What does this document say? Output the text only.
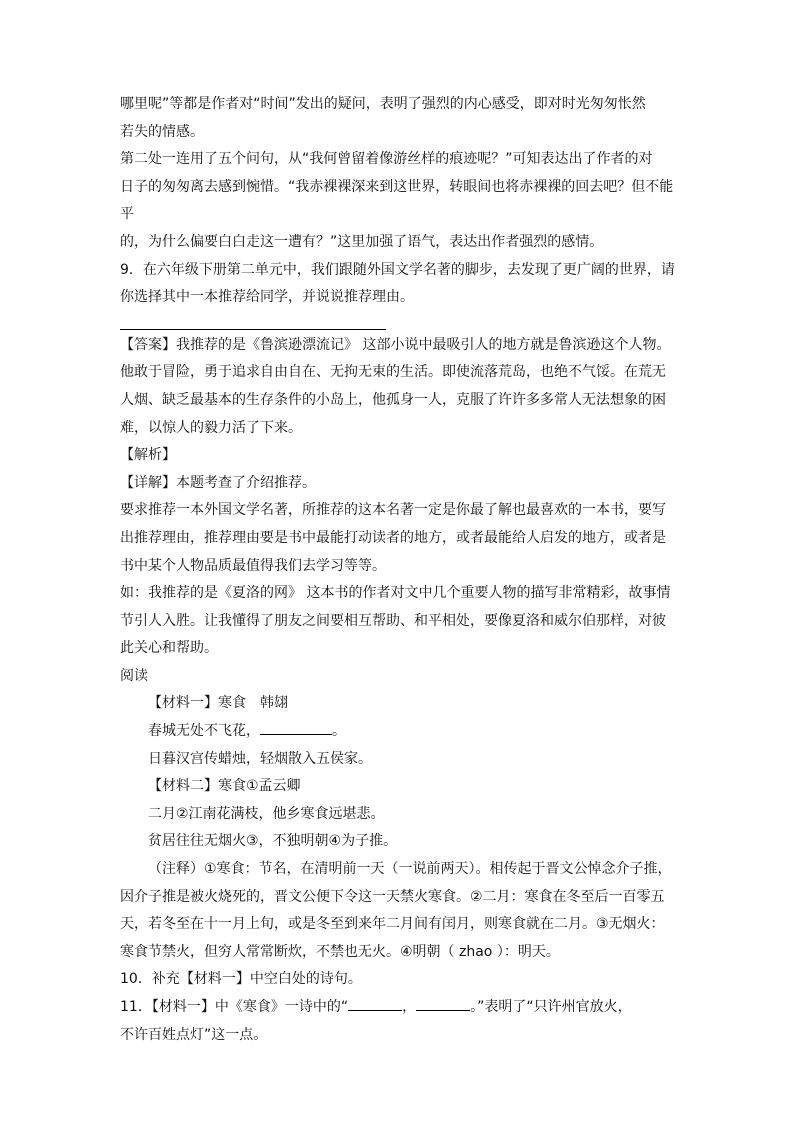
哪里呢”等都是作者对“时间”发出的疑问，表明了强烈的内心感受，即对时光匆匆怅然

若失的情感。

第二处一连用了五个问句，从“我何曾留着像游丝样的痕迹呢？”可知表达出了作者的对

日子的匆匆离去感到惋惜。“我赤裸裸深来到这世界，转眼间也将赤裸裸的回去吧？但不能平

的，为什么偏要白白走这一遭有？”这里加强了语气，表达出作者强烈的感情。

9．在六年级下册第二单元中，我们跟随外国文学名著的脚步，去发现了更广阔的世界，请

你选择其中一本推荐给同学，并说说推荐理由。

【答案】我推荐的是《鲁滨逊漂流记》 这部小说中最吸引人的地方就是鲁滨逊这个人物。

他敢于冒险，勇于追求自由自在、无拘无束的生活。即使流落荒岛，也绝不气馁。在荒无

人烟、缺乏最基本的生存条件的小岛上，他孤身一人，克服了许许多多常人无法想象的困

难，以惊人的毅力活了下来。

【解析】

【详解】本题考查了介绍推荐。

要求推荐一本外国文学名著，所推荐的这本名著一定是你最了解也最喜欢的一本书，要写

出推荐理由，推荐理由要是书中最能打动读者的地方，或者最能给人启发的地方，或者是

书中某个人物品质最值得我们去学习等等。

如：我推荐的是《夏洛的网》 这本书的作者对文中几个重要人物的描写非常精彩，故事情

节引人入胜。让我懂得了朋友之间要相互帮助、和平相处，要像夏洛和威尔伯那样，对彼

此关心和帮助。

阅读

【材料一】寒食　韩翃

春城无处不飞花，	。

日暮汉宫传蜡烛，轻烟散入五侯家。

【材料二】寒食①孟云卿

二月②江南花满枝，他乡寒食远堪悲。

贫居往往无烟火③，不独明朝④为子推。

（注释）①寒食：节名，在清明前一天（一说前两天）。相传起于晋文公悼念介子推，

因介子推是被火烧死的，晋文公便下令这一天禁火寒食。②二月：寒食在冬至后一百零五

天，若冬至在十一月上旬，或是冬至到来年二月间有闰月，则寒食就在二月。③无烟火：

寒食节禁火，但穷人常常断炊，不禁也无火。④明朝（ zhao ）：明天。

10．补充【材料一】中空白处的诗句。

11．【材料一】中《寒食》一诗中的“	，	。”表明了“只许州官放火，

不许百姓点灯”这一点。
